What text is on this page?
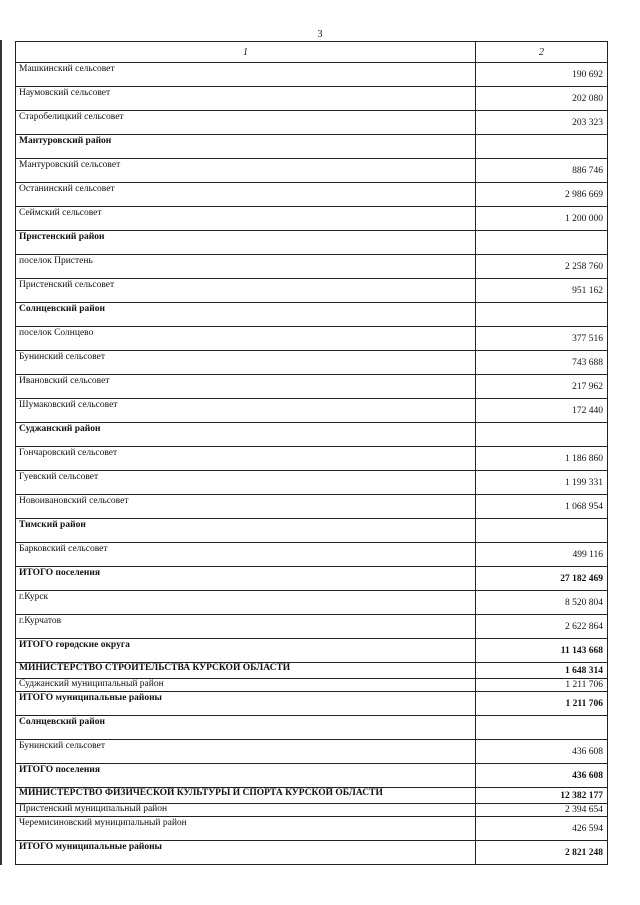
3
1	2
Машкинский сельсовет	190 692
Наумовский сельсовет	202 080
Старобелицкий сельсовет	203 323
Мантуровский район	
Мантуровский сельсовет	886 746
Останинский сельсовет	2 986 669
Сеймский сельсовет	1 200 000
Пристенский район	
поселок Пристень	2 258 760
Пристенский сельсовет	951 162
Солнцевский район	
поселок Солнцево	377 516
Бунинский сельсовет	743 688
Ивановский сельсовет	217 962
Шумаковский сельсовет	172 440
Суджанский район	
Гончаровский сельсовет	1 186 860
Гуевский сельсовет	1 199 331
Новоивановский сельсовет	1 068 954
Тимский район	
Барковский сельсовет	499 116
ИТОГО поселения	27 182 469
г.Курск	8 520 804
г.Курчатов	2 622 864
ИТОГО городские округа	11 143 668
МИНИСТЕРСТВО СТРОИТЕЛЬСТВА КУРСКОЙ ОБЛАСТИ	1 648 314
Суджанский муниципальный район	1 211 706
ИТОГО муниципальные районы	1 211 706
Солнцевский район	
Бунинский сельсовет	436 608
ИТОГО поселения	436 608
МИНИСТЕРСТВО ФИЗИЧЕСКОЙ КУЛЬТУРЫ И СПОРТА КУРСКОЙ ОБЛАСТИ	12 382 177
Пристенский муниципальный район	2 394 654
Черемисиновский муниципальный район	426 594
ИТОГО муниципальные районы	2 821 248
